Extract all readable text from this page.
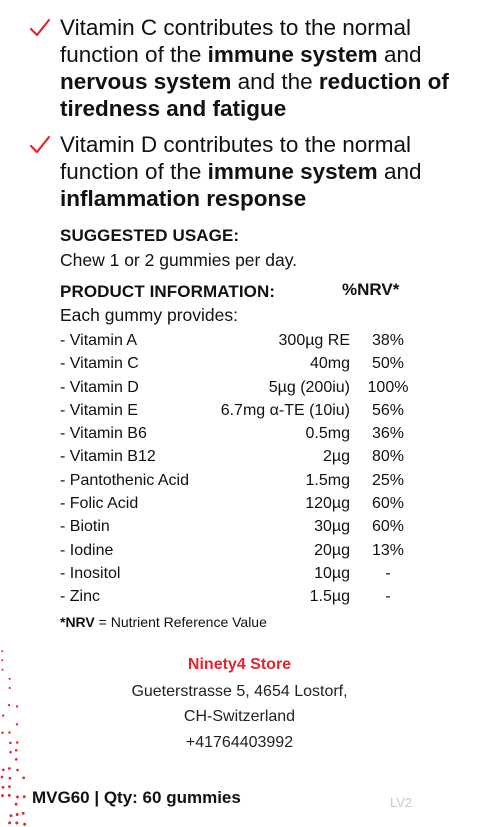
Vitamin C contributes to the normal function of the immune system and nervous system and the reduction of tiredness and fatigue
Vitamin D contributes to the normal function of the immune system and inflammation response
SUGGESTED USAGE:
Chew 1 or 2 gummies per day.
PRODUCT INFORMATION:	%NRV*
Each gummy provides:
- Vitamin A	300µg RE	38%
- Vitamin C	40mg	50%
- Vitamin D	5µg (200iu)	100%
- Vitamin E	6.7mg α-TE (10iu)	56%
- Vitamin B6	0.5mg	36%
- Vitamin B12	2µg	80%
- Pantothenic Acid	1.5mg	25%
- Folic Acid	120µg	60%
- Biotin	30µg	60%
- Iodine	20µg	13%
- Inositol	10µg	-
- Zinc	1.5µg	-
*NRV = Nutrient Reference Value
Ninety4 Store
Gueterstrasse 5, 4654 Lostorf,
CH-Switzerland
+41764403992
MVG60 | Qty: 60 gummies	LV2
